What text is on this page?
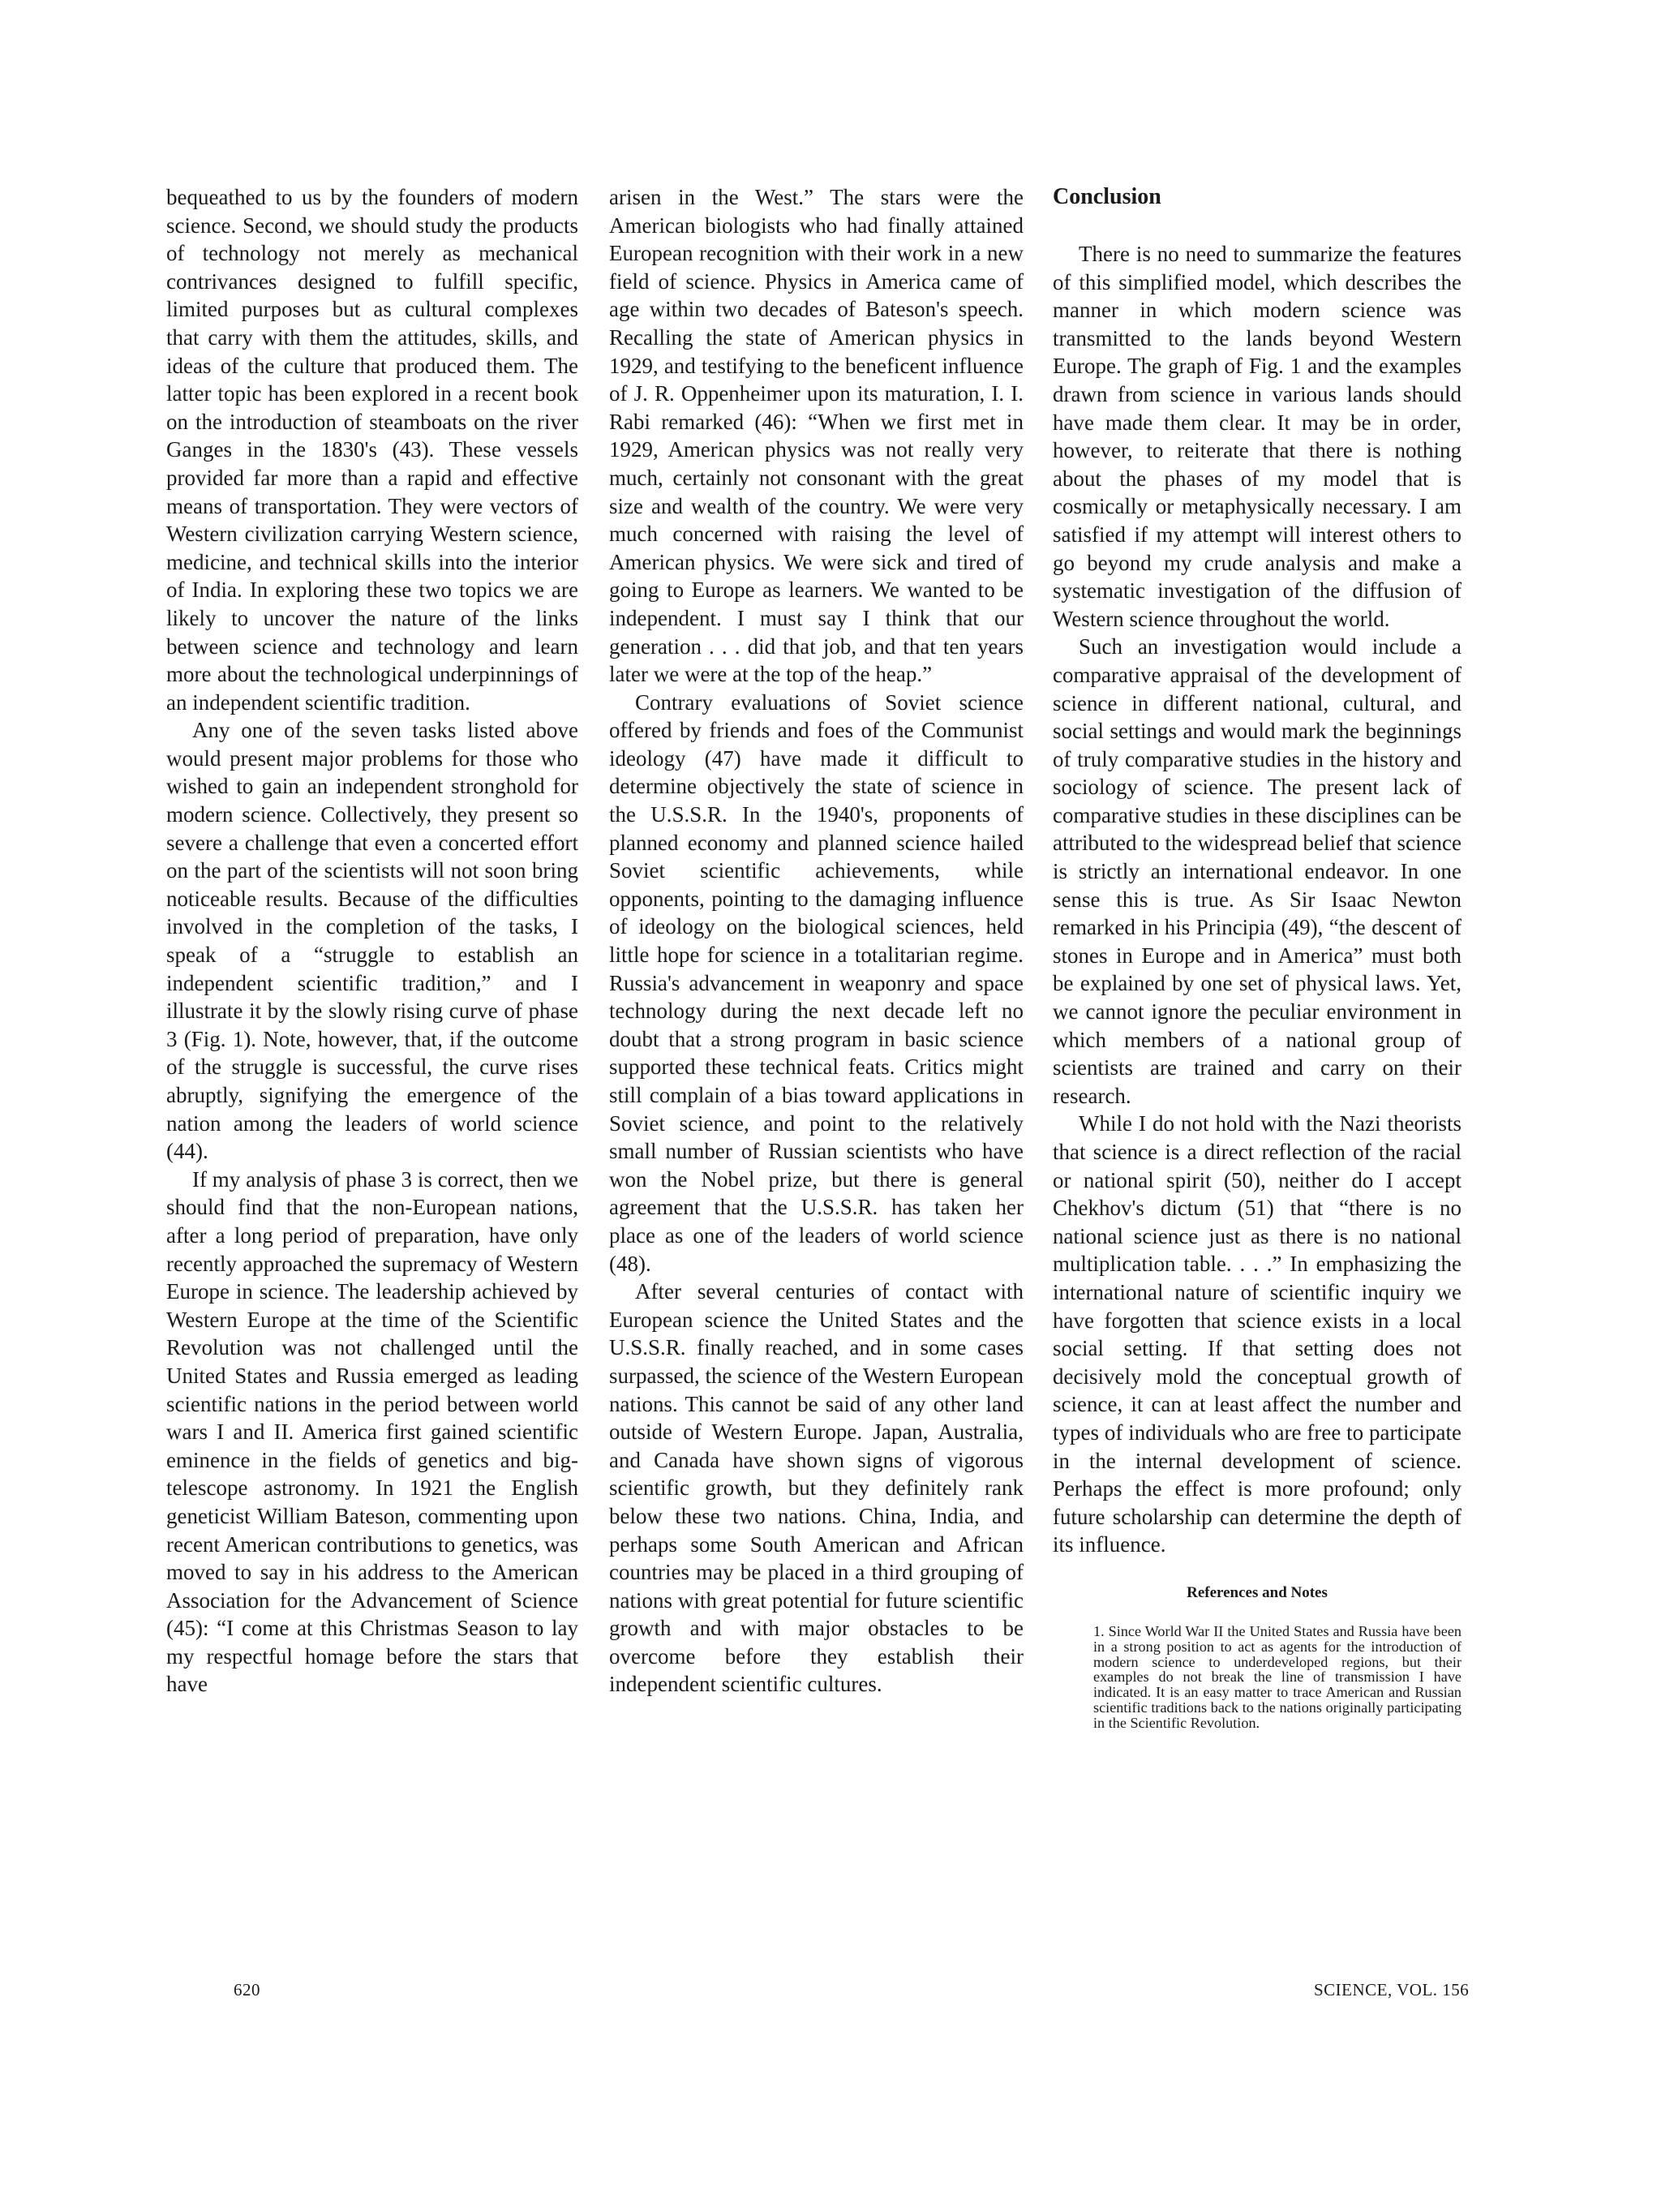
bequeathed to us by the founders of modern science. Second, we should study the products of technology not merely as mechanical contrivances designed to fulfill specific, limited purposes but as cultural complexes that carry with them the attitudes, skills, and ideas of the culture that produced them. The latter topic has been explored in a recent book on the introduction of steamboats on the river Ganges in the 1830's (43). These vessels provided far more than a rapid and effective means of transportation. They were vectors of Western civilization carrying Western science, medicine, and technical skills into the interior of India. In exploring these two topics we are likely to uncover the nature of the links between science and technology and learn more about the technological underpinnings of an independent scientific tradition.

Any one of the seven tasks listed above would present major problems for those who wished to gain an independent stronghold for modern science. Collectively, they present so severe a challenge that even a concerted effort on the part of the scientists will not soon bring noticeable results. Because of the difficulties involved in the completion of the tasks, I speak of a “struggle to establish an independent scientific tradition,” and I illustrate it by the slowly rising curve of phase 3 (Fig. 1). Note, however, that, if the outcome of the struggle is successful, the curve rises abruptly, signifying the emergence of the nation among the leaders of world science (44).

If my analysis of phase 3 is correct, then we should find that the non-European nations, after a long period of preparation, have only recently approached the supremacy of Western Europe in science. The leadership achieved by Western Europe at the time of the Scientific Revolution was not challenged until the United States and Russia emerged as leading scientific nations in the period between world wars I and II. America first gained scientific eminence in the fields of genetics and big-telescope astronomy. In 1921 the English geneticist William Bateson, commenting upon recent American contributions to genetics, was moved to say in his address to the American Association for the Advancement of Science (45): “I come at this Christmas Season to lay my respectful homage before the stars that have

arisen in the West.” The stars were the American biologists who had finally attained European recognition with their work in a new field of science. Physics in America came of age within two decades of Bateson's speech. Recalling the state of American physics in 1929, and testifying to the beneficent influence of J. R. Oppenheimer upon its maturation, I. I. Rabi remarked (46): “When we first met in 1929, American physics was not really very much, certainly not consonant with the great size and wealth of the country. We were very much concerned with raising the level of American physics. We were sick and tired of going to Europe as learners. We wanted to be independent. I must say I think that our generation . . . did that job, and that ten years later we were at the top of the heap.”

Contrary evaluations of Soviet science offered by friends and foes of the Communist ideology (47) have made it difficult to determine objectively the state of science in the U.S.S.R. In the 1940's, proponents of planned economy and planned science hailed Soviet scientific achievements, while opponents, pointing to the damaging influence of ideology on the biological sciences, held little hope for science in a totalitarian regime. Russia's advancement in weaponry and space technology during the next decade left no doubt that a strong program in basic science supported these technical feats. Critics might still complain of a bias toward applications in Soviet science, and point to the relatively small number of Russian scientists who have won the Nobel prize, but there is general agreement that the U.S.S.R. has taken her place as one of the leaders of world science (48).

After several centuries of contact with European science the United States and the U.S.S.R. finally reached, and in some cases surpassed, the science of the Western European nations. This cannot be said of any other land outside of Western Europe. Japan, Australia, and Canada have shown signs of vigorous scientific growth, but they definitely rank below these two nations. China, India, and perhaps some South American and African countries may be placed in a third grouping of nations with great potential for future scientific growth and with major obstacles to be overcome before they establish their independent scientific cultures.

Conclusion

There is no need to summarize the features of this simplified model, which describes the manner in which modern science was transmitted to the lands beyond Western Europe. The graph of Fig. 1 and the examples drawn from science in various lands should have made them clear. It may be in order, however, to reiterate that there is nothing about the phases of my model that is cosmically or metaphysically necessary. I am satisfied if my attempt will interest others to go beyond my crude analysis and make a systematic investigation of the diffusion of Western science throughout the world.

Such an investigation would include a comparative appraisal of the development of science in different national, cultural, and social settings and would mark the beginnings of truly comparative studies in the history and sociology of science. The present lack of comparative studies in these disciplines can be attributed to the widespread belief that science is strictly an international endeavor. In one sense this is true. As Sir Isaac Newton remarked in his Principia (49), “the descent of stones in Europe and in America” must both be explained by one set of physical laws. Yet, we cannot ignore the peculiar environment in which members of a national group of scientists are trained and carry on their research.

While I do not hold with the Nazi theorists that science is a direct reflection of the racial or national spirit (50), neither do I accept Chekhov's dictum (51) that “there is no national science just as there is no national multiplication table. . . .” In emphasizing the international nature of scientific inquiry we have forgotten that science exists in a local social setting. If that setting does not decisively mold the conceptual growth of science, it can at least affect the number and types of individuals who are free to participate in the internal development of science. Perhaps the effect is more profound; only future scholarship can determine the depth of its influence.

References and Notes

1. Since World War II the United States and Russia have been in a strong position to act as agents for the introduction of modern science to underdeveloped regions, but their examples do not break the line of transmission I have indicated. It is an easy matter to trace American and Russian scientific traditions back to the nations originally participating in the Scientific Revolution.

620	SCIENCE, VOL. 156
